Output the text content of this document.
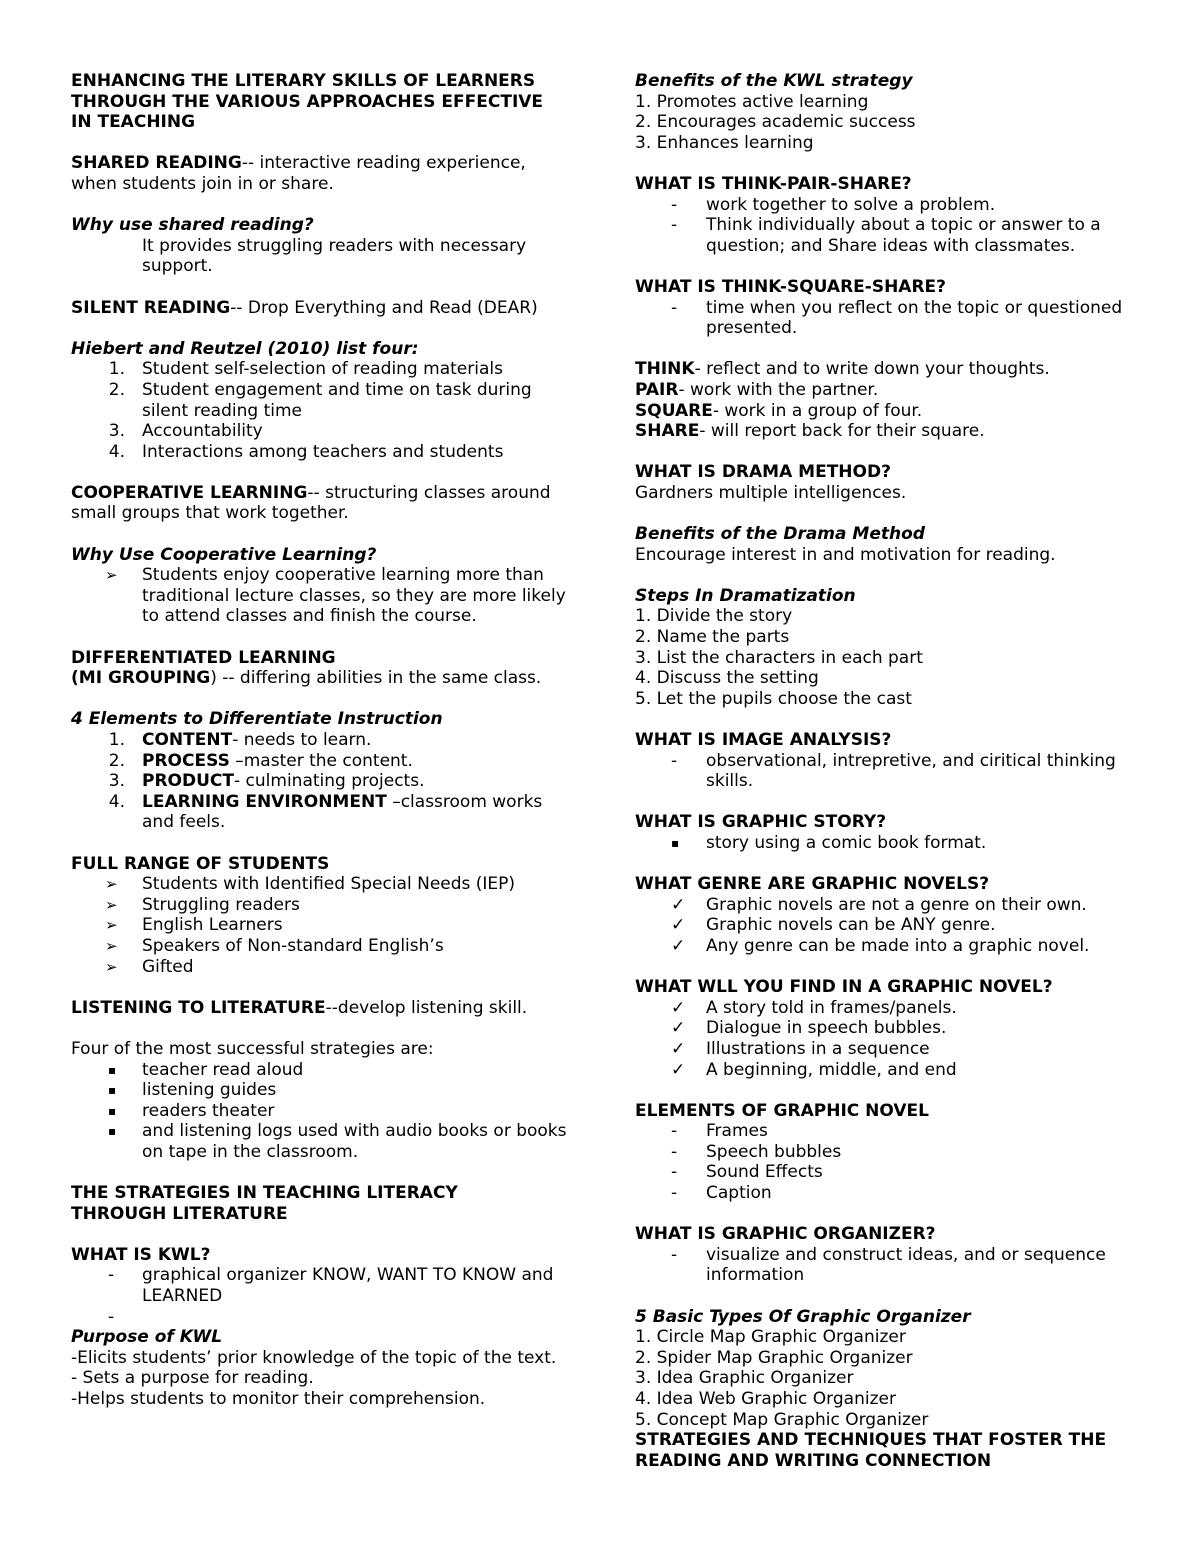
ENHANCING THE LITERARY SKILLS OF LEARNERS

THROUGH THE VARIOUS APPROACHES EFFECTIVE

IN TEACHING

SHARED READING-- interactive reading experience, when students join in or share.

Why use shared reading?

It provides struggling readers with necessary support.

SILENT READING-- Drop Everything and Read (DEAR)

Hiebert and Reutzel (2010) list four:

1.	Student self-selection of reading materials
2.	Student engagement and time on task during silent reading time
3.	Accountability
4.	Interactions among teachers and students

COOPERATIVE LEARNING-- structuring classes around small groups that work together.

Why Use Cooperative Learning?

➢ Students enjoy cooperative learning more than traditional lecture classes, so they are more likely to attend classes and finish the course.

DIFFERENTIATED LEARNING

(MI GROUPING) -- differing abilities in the same class.

4 Elements to Differentiate Instruction

1.	CONTENT- needs to learn.
2.	PROCESS –master the content.
3.	PRODUCT- culminating projects.
4.	LEARNING ENVIRONMENT –classroom works and feels.

FULL RANGE OF STUDENTS

➢ Students with Identified Special Needs (IEP)
➢ Struggling readers
➢ English Learners
➢ Speakers of Non-standard English’s
➢ Gifted

LISTENING TO LITERATURE--develop listening skill.

Four of the most successful strategies are:

▪ teacher read aloud
▪ listening guides
▪ readers theater
▪ and listening logs used with audio books or books on tape in the classroom.

THE STRATEGIES IN TEACHING LITERACY

THROUGH LITERATURE

WHAT IS KWL?

- graphical organizer KNOW, WANT TO KNOW and LEARNED
-

Purpose of KWL

-Elicits students’ prior knowledge of the topic of the text.

- Sets a purpose for reading.

-Helps students to monitor their comprehension.

Benefits of the KWL strategy

1. Promotes active learning

2. Encourages academic success

3. Enhances learning

WHAT IS THINK-PAIR-SHARE?

- work together to solve a problem.
- Think individually about a topic or answer to a question; and Share ideas with classmates.

WHAT IS THINK-SQUARE-SHARE?

- time when you reflect on the topic or questioned presented.

THINK- reflect and to write down your thoughts.

PAIR- work with the partner.

SQUARE- work in a group of four.

SHARE- will report back for their square.

WHAT IS DRAMA METHOD?

Gardners multiple intelligences.

Benefits of the Drama Method

Encourage interest in and motivation for reading.

Steps In Dramatization

1. Divide the story

2. Name the parts

3. List the characters in each part

4. Discuss the setting

5. Let the pupils choose the cast

WHAT IS IMAGE ANALYSIS?

- observational, intrepretive, and ciritical thinking skills.

WHAT IS GRAPHIC STORY?

▪ story using a comic book format.

WHAT GENRE ARE GRAPHIC NOVELS?

✓ Graphic novels are not a genre on their own.
✓ Graphic novels can be ANY genre.
✓ Any genre can be made into a graphic novel.

WHAT WLL YOU FIND IN A GRAPHIC NOVEL?

✓ A story told in frames/panels.
✓ Dialogue in speech bubbles.
✓ Illustrations in a sequence
✓ A beginning, middle, and end

ELEMENTS OF GRAPHIC NOVEL

- Frames
- Speech bubbles
- Sound Effects
- Caption

WHAT IS GRAPHIC ORGANIZER?

- visualize and construct ideas, and or sequence information

5 Basic Types Of Graphic Organizer

1. Circle Map Graphic Organizer

2. Spider Map Graphic Organizer

3. Idea Graphic Organizer

4. Idea Web Graphic Organizer

5. Concept Map Graphic Organizer

STRATEGIES AND TECHNIQUES THAT FOSTER THE

READING AND WRITING CONNECTION
